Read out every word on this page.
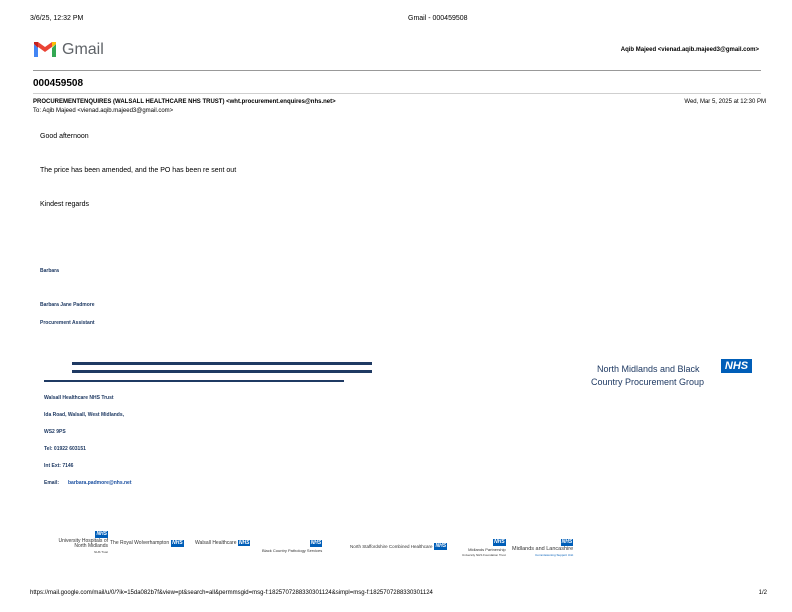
3/6/25, 12:32 PM	Gmail - 000459508
Gmail	Aqib Majeed <vienad.aqib.majeed3@gmail.com>
000459508
PROCUREMENTENQUIRES (WALSALL HEALTHCARE NHS TRUST) <wht.procurement.enquires@nhs.net>	Wed, Mar 5, 2025 at 12:30 PM
To: Aqib Majeed <vienad.aqib.majeed3@gmail.com>
Good afternoon
The price has been amended, and the PO has been re sent out
Kindest regards
Barbara
Barbara Jane Padmore
Procurement Assistant
Walsall Healthcare NHS Trust
Ida Road, Walsall, West Midlands,
WS2 9PS
Tel: 01922 603151
Int Ext: 7146
Email: barbara.padmore@nhs.net
North Midlands and Black
Country Procurement Group
NHS
NHS
University Hospitals of North Midlands
NHS Trust
The Royal Wolverhampton NHS Walsall Healthcare NHS	NHS
Black Country Pathology Services
North Staffordshire Combined Healthcare NHS
NHS
Midlands Partnership
University NHS Foundation Trust
NHS
Midlands and Lancashire
Commissioning Support Unit
https://mail.google.com/mail/u/0/?ik=15da082b7f&view=pt&search=all&permmsgid=msg-f:1825707288330301124&simpl=msg-f:1825707288330301124	1/2
